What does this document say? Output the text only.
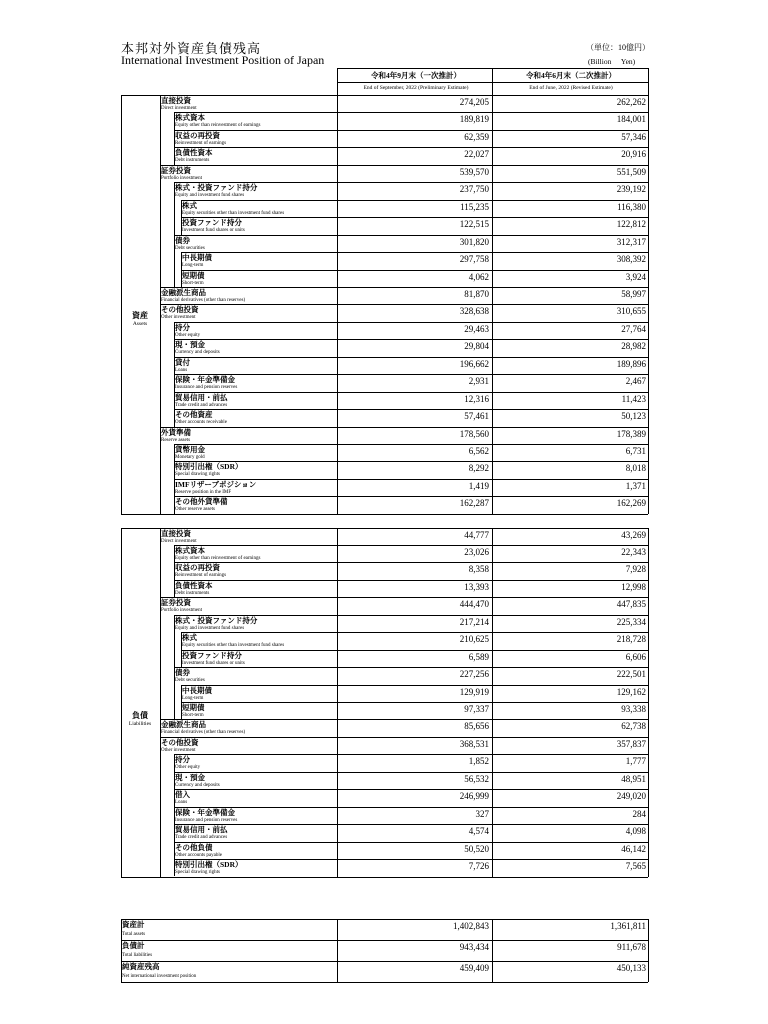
本邦対外資産負債残高
International Investment Position of Japan
（単位：10億円）
(Billion Yen)
令和4年9月末（一次推計）
End of September, 2022 (Preliminary Estimate)
令和4年6月末（二次推計）
End of June, 2022 (Revised Estimate)
資産
Assets
負債
Liabilities
直接投資
Direct investment
274,205	262,262
株式資本
Equity other than reinvestment of earnings
189,819	184,001
収益の再投資
Reinvestment of earnings
62,359	57,346
負債性資本
Debt instruments
22,027	20,916
証券投資
Portfolio investment
539,570	551,509
株式・投資ファンド持分
Equity and investment fund shares
237,750	239,192
株式
Equity securities other than investment fund shares
115,235	116,380
投資ファンド持分
Investment fund shares or units
122,515	122,812
債券
Debt securities
301,820	312,317
中長期債
Long-term
297,758	308,392
短期債
Short-term
4,062	3,924
金融派生商品
Financial derivatives (other than reserves)
81,870	58,997
その他投資
Other investment
328,638	310,655
持分
Other equity
29,463	27,764
現・預金
Currency and deposits
29,804	28,982
貸付
Loans
196,662	189,896
保険・年金準備金
Insurance and pension reserves
2,931	2,467
貿易信用・前払
Trade credit and advances
12,316	11,423
その他資産
Other accounts receivable
57,461	50,123
外貨準備
Reserve assets
178,560	178,389
貨幣用金
Monetary gold
6,562	6,731
特別引出権（SDR）
Special drawing rights
8,292	8,018
IMFリザーブポジション
Reserve position in the IMF
1,419	1,371
その他外貨準備
Other reserve assets
162,287	162,269
直接投資
Direct investment
44,777	43,269
株式資本
Equity other than reinvestment of earnings
23,026	22,343
収益の再投資
Reinvestment of earnings
8,358	7,928
負債性資本
Debt instruments
13,393	12,998
証券投資
Portfolio investment
444,470	447,835
株式・投資ファンド持分
Equity and investment fund shares
217,214	225,334
株式
Equity securities other than investment fund shares
210,625	218,728
投資ファンド持分
Investment fund shares or units
6,589	6,606
債券
Debt securities
227,256	222,501
中長期債
Long-term
129,919	129,162
短期債
Short-term
97,337	93,338
金融派生商品
Financial derivatives (other than reserves)
85,656	62,738
その他投資
Other investment
368,531	357,837
持分
Other equity
1,852	1,777
現・預金
Currency and deposits
56,532	48,951
借入
Loans
246,999	249,020
保険・年金準備金
Insurance and pension reserves
327	284
貿易信用・前払
Trade credit and advances
4,574	4,098
その他負債
Other accounts payable
50,520	46,142
特別引出権（SDR）
Special drawing rights
7,726	7,565
資産計
Total assets
1,402,843	1,361,811
負債計
Total liabilities
943,434	911,678
純資産残高
Net international investment position
459,409	450,133
